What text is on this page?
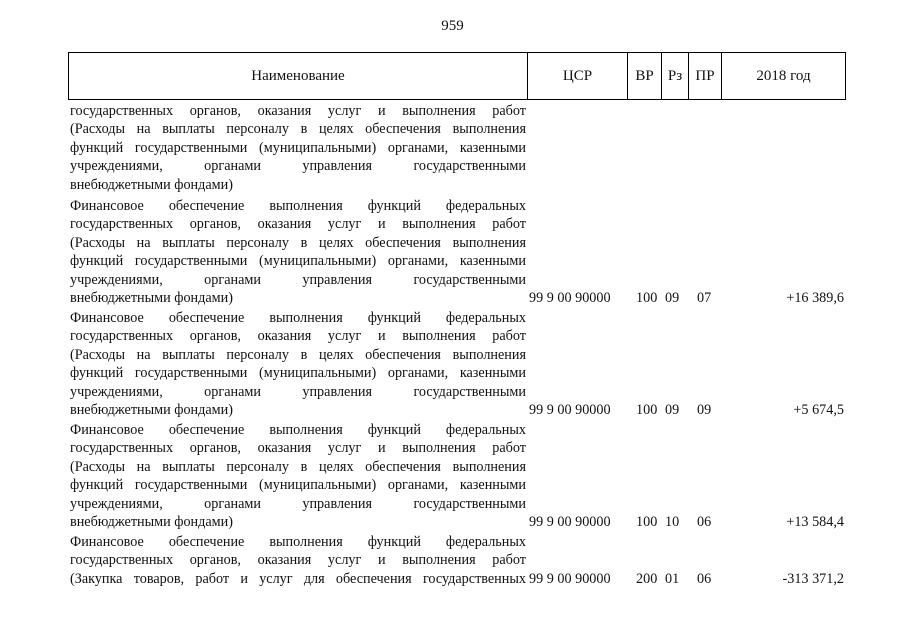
959
Наименование	ЦСР	ВР Рз ПР	2018 год
государственных органов, оказания услуг и выполнения работ
(Расходы на выплаты персоналу в целях обеспечения выполнения
функций государственными (муниципальными) органами, казенными
учреждениями, органами управления государственными
внебюджетными фондами)
Финансовое обеспечение выполнения функций федеральных
государственных органов, оказания услуг и выполнения работ
(Расходы на выплаты персоналу в целях обеспечения выполнения
функций государственными (муниципальными) органами, казенными
учреждениями, органами управления государственными
внебюджетными фондами)	99 9 00 90000 100 09 07	+16 389,6
Финансовое обеспечение выполнения функций федеральных
государственных органов, оказания услуг и выполнения работ
(Расходы на выплаты персоналу в целях обеспечения выполнения
функций государственными (муниципальными) органами, казенными
учреждениями, органами управления государственными
внебюджетными фондами)	99 9 00 90000 100 09 09	+5 674,5
Финансовое обеспечение выполнения функций федеральных
государственных органов, оказания услуг и выполнения работ
(Расходы на выплаты персоналу в целях обеспечения выполнения
функций государственными (муниципальными) органами, казенными
учреждениями, органами управления государственными
внебюджетными фондами)	99 9 00 90000 100 10 06	+13 584,4
Финансовое обеспечение выполнения функций федеральных
государственных органов, оказания услуг и выполнения работ
(Закупка товаров, работ и услуг для обеспечения государственных 99 9 00 90000 200 01 06	-313 371,2
